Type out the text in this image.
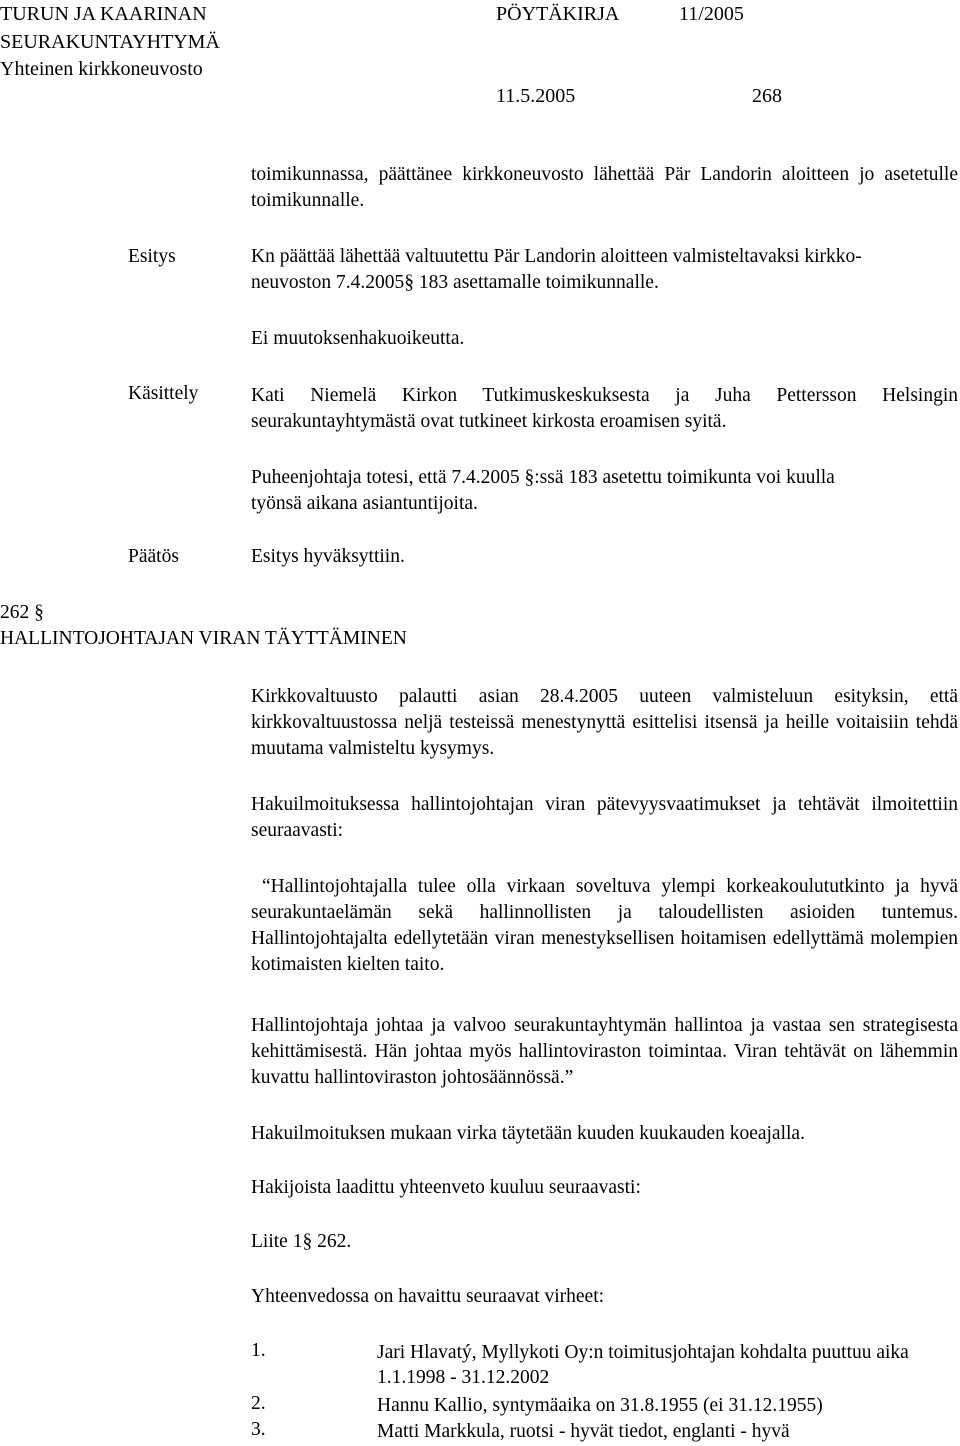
TURUN JA KAARINAN
SEURAKUNTAYHTYMÄ
Yhteinen kirkkoneuvosto
PÖYTÄKIRJA	11/2005
11.5.2005	268
toimikunnassa, päättänee kirkkoneuvosto lähettää Pär Landorin aloitteen jo asetetulle toimikunnalle.
Esitys	Kn päättää lähettää valtuutettu Pär Landorin aloitteen valmisteltavaksi kirkko-
neuvoston 7.4.2005§ 183 asettamalle toimikunnalle.
Ei muutoksenhakuoikeutta.
Käsittely	Kati Niemelä Kirkon Tutkimuskeskuksesta ja Juha Pettersson Helsingin seurakuntayhtymästä ovat tutkineet kirkosta eroamisen syitä.
Puheenjohtaja totesi, että 7.4.2005 §:ssä 183 asetettu toimikunta voi kuulla
työnsä aikana asiantuntijoita.
Päätös	Esitys hyväksyttiin.
262 §
HALLINTOJOHTAJAN VIRAN TÄYTTÄMINEN
Kirkkovaltuusto palautti asian 28.4.2005 uuteen valmisteluun esityksin, että kirkkovaltuustossa neljä testeissä menestynyttä esittelisi itsensä ja heille voitaisiin tehdä muutama valmisteltu kysymys.
Hakuilmoituksessa hallintojohtajan viran pätevyysvaatimukset ja tehtävät ilmoitettiin seuraavasti:
“Hallintojohtajalla tulee olla virkaan soveltuva ylempi korkeakoulututkinto ja hyvä seurakuntaelämän sekä hallinnollisten ja taloudellisten asioiden tuntemus. Hallintojohtajalta edellytetään viran menestyksellisen hoitamisen edellyttämä molempien kotimaisten kielten taito.
Hallintojohtaja johtaa ja valvoo seurakuntayhtymän hallintoa ja vastaa sen strategisesta kehittämisestä. Hän johtaa myös hallintoviraston toimintaa. Viran tehtävät on lähemmin kuvattu hallintoviraston johtosäännössä.”
Hakuilmoituksen mukaan virka täytetään kuuden kuukauden koeajalla.
Hakijoista laadittu yhteenveto kuuluu seuraavasti:
Liite 1§ 262.
Yhteenvedossa on havaittu seuraavat virheet:
1.	Jari Hlavatý, Myllykoti Oy:n toimitusjohtajan kohdalta puuttuu aika 1.1.1998 - 31.12.2002
2.	Hannu Kallio, syntymäaika on 31.8.1955 (ei 31.12.1955)
3.	Matti Markkula, ruotsi - hyvät tiedot, englanti - hyvä
